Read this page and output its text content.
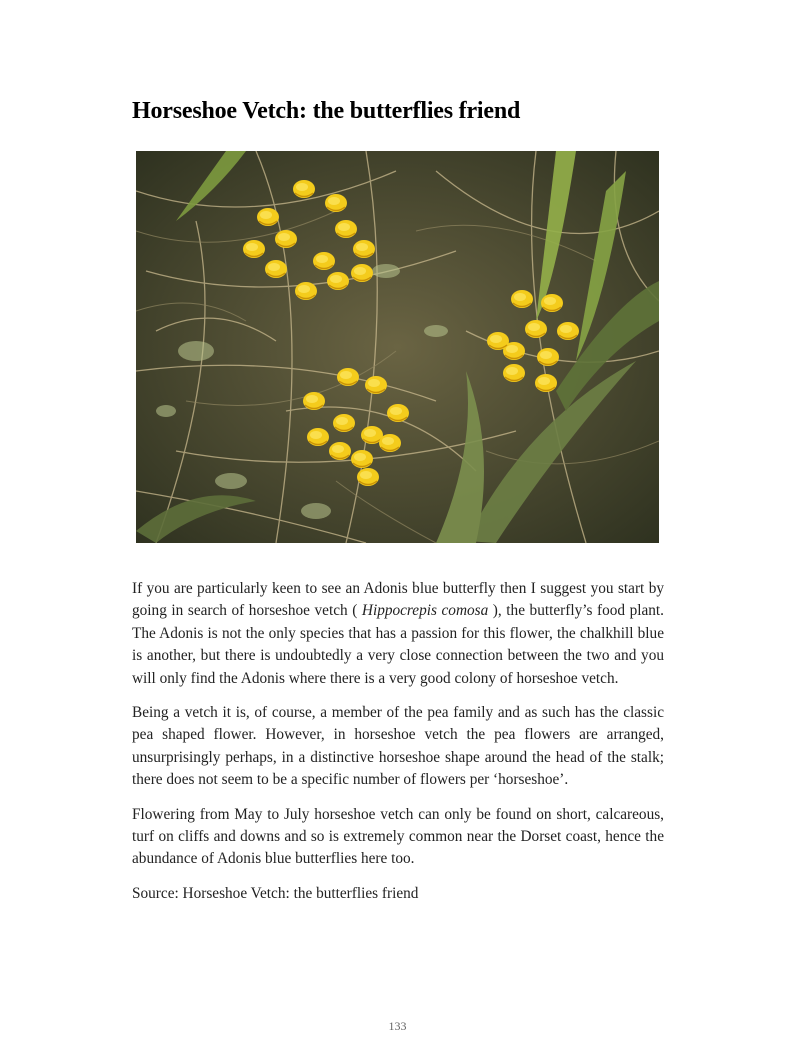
Horseshoe Vetch: the butterflies friend

If you are particularly keen to see an Adonis blue butterfly then I suggest you start by going in search of horseshoe vetch ( Hippocrepis comosa ), the butterfly’s food plant. The Adonis is not the only species that has a passion for this flower, the chalkhill blue is another, but there is undoubtedly a very close connection between the two and you will only find the Adonis where there is a very good colony of horseshoe vetch.

Being a vetch it is, of course, a member of the pea family and as such has the classic pea shaped flower. However, in horseshoe vetch the pea flowers are arranged, unsurprisingly perhaps, in a distinctive horseshoe shape around the head of the stalk; there does not seem to be a specific number of flowers per ‘horseshoe’.

Flowering from May to July horseshoe vetch can only be found on short, calcareous, turf on cliffs and downs and so is extremely common near the Dorset coast, hence the abundance of Adonis blue butterflies here too.

Source: Horseshoe Vetch: the butterflies friend

133
